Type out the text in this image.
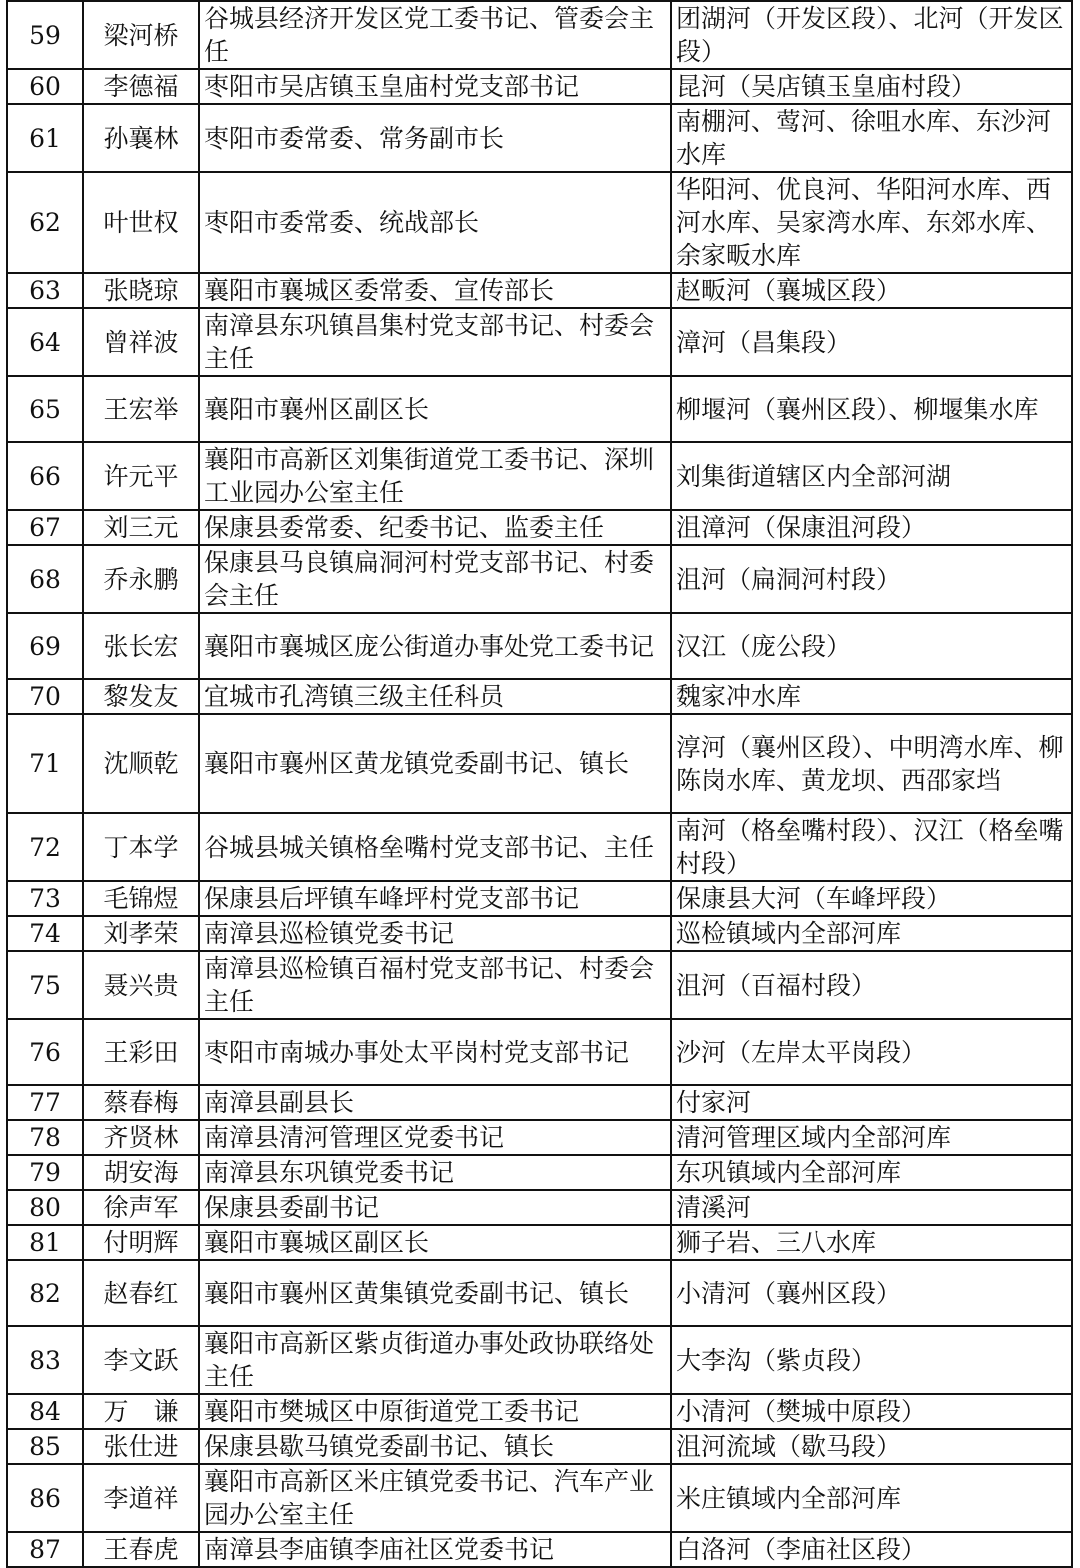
59	梁河桥	谷城县经济开发区党工委书记、管委会主任	团湖河（开发区段）、北河（开发区段）
60	李德福	枣阳市吴店镇玉皇庙村党支部书记	昆河（吴店镇玉皇庙村段）
61	孙襄林	枣阳市委常委、常务副市长	南棚河、莺河、徐咀水库、东沙河水库
62	叶世权	枣阳市委常委、统战部长	华阳河、优良河、华阳河水库、西河水库、吴家湾水库、东郊水库、余家畈水库
63	张晓琼	襄阳市襄城区委常委、宣传部长	赵畈河（襄城区段）
64	曾祥波	南漳县东巩镇昌集村党支部书记、村委会主任	漳河（昌集段）
65	王宏举	襄阳市襄州区副区长	柳堰河（襄州区段）、柳堰集水库
66	许元平	襄阳市高新区刘集街道党工委书记、深圳工业园办公室主任	刘集街道辖区内全部河湖
67	刘三元	保康县委常委、纪委书记、监委主任	沮漳河（保康沮河段）
68	乔永鹏	保康县马良镇扁洞河村党支部书记、村委会主任	沮河（扁洞河村段）
69	张长宏	襄阳市襄城区庞公街道办事处党工委书记	汉江（庞公段）
70	黎发友	宜城市孔湾镇三级主任科员	魏家冲水库
71	沈顺乾	襄阳市襄州区黄龙镇党委副书记、镇长	淳河（襄州区段）、中明湾水库、柳陈岗水库、黄龙坝、西邵家垱
72	丁本学	谷城县城关镇格垒嘴村党支部书记、主任	南河（格垒嘴村段）、汉江（格垒嘴村段）
73	毛锦煜	保康县后坪镇车峰坪村党支部书记	保康县大河（车峰坪段）
74	刘孝荣	南漳县巡检镇党委书记	巡检镇域内全部河库
75	聂兴贵	南漳县巡检镇百福村党支部书记、村委会主任	沮河（百福村段）
76	王彩田	枣阳市南城办事处太平岗村党支部书记	沙河（左岸太平岗段）
77	蔡春梅	南漳县副县长	付家河
78	齐贤林	南漳县清河管理区党委书记	清河管理区域内全部河库
79	胡安海	南漳县东巩镇党委书记	东巩镇域内全部河库
80	徐声军	保康县委副书记	清溪河
81	付明辉	襄阳市襄城区副区长	狮子岩、三八水库
82	赵春红	襄阳市襄州区黄集镇党委副书记、镇长	小清河（襄州区段）
83	李文跃	襄阳市高新区紫贞街道办事处政协联络处主任	大李沟（紫贞段）
84	万　谦	襄阳市樊城区中原街道党工委书记	小清河（樊城中原段）
85	张仕进	保康县歇马镇党委副书记、镇长	沮河流域（歇马段）
86	李道祥	襄阳市高新区米庄镇党委书记、汽车产业园办公室主任	米庄镇域内全部河库
87	王春虎	南漳县李庙镇李庙社区党委书记	白洛河（李庙社区段）
